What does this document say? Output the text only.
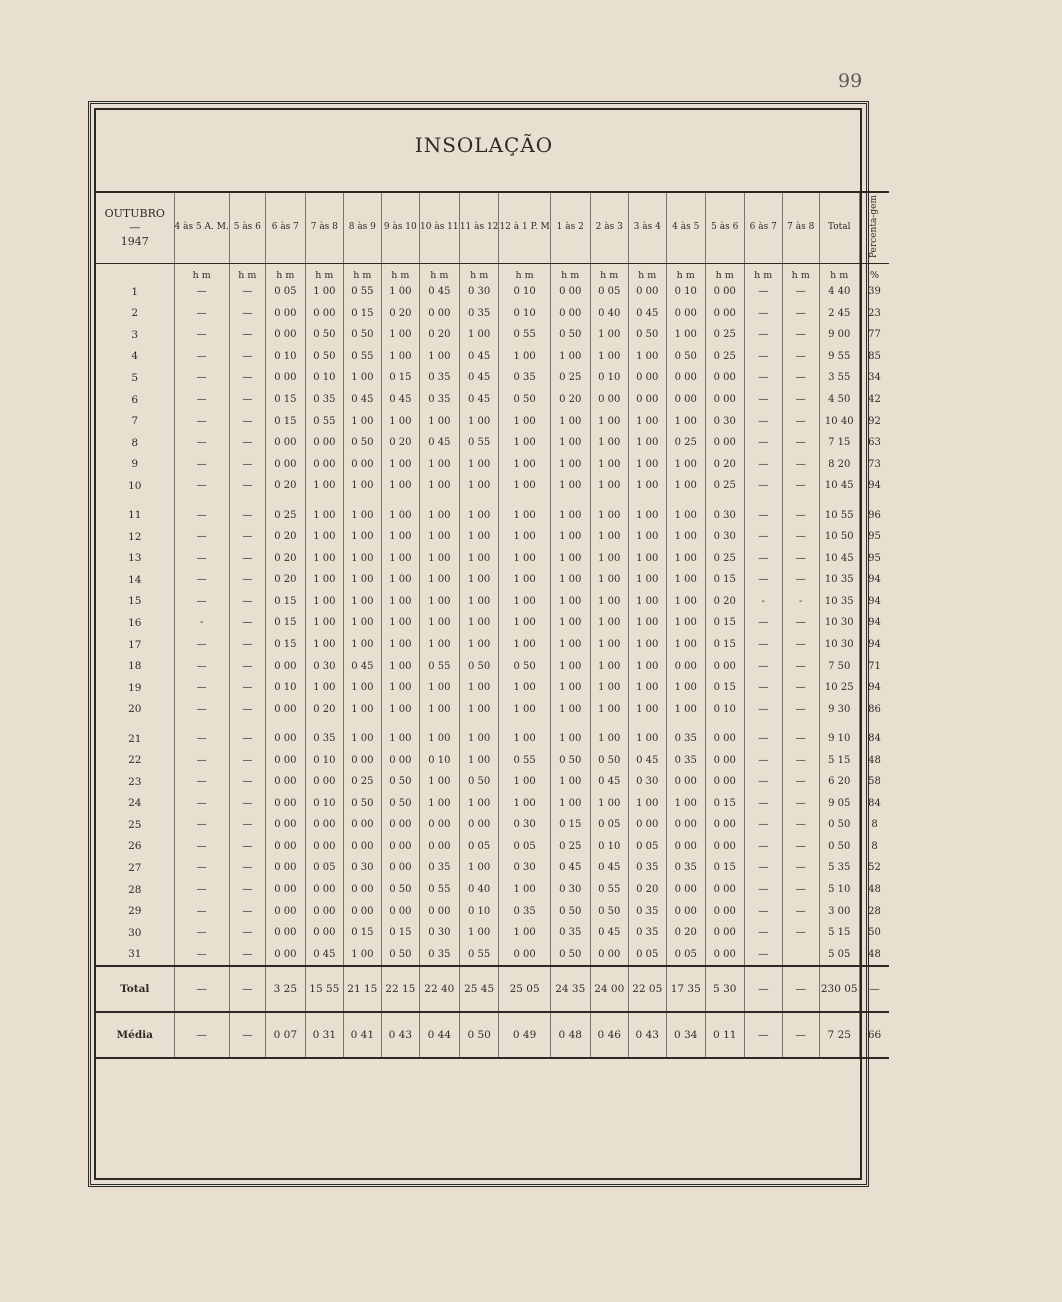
99
INSOLAÇÃO
OUTUBRO
—
1947	4 às 5 A. M.	5 às 6	6 às 7	7 às 8	8 às 9	9 às 10	10 às 11	11 às 12	12 à 1 P. M	1 às 2	2 às 3	3 às 4	4 às 5	5 às 6	6 às 7	7 às 8	Total	Percenta-gem
	h m	h m	h m	h m	h m	h m	h m	h m	h m	h m	h m	h m	h m	h m	h m	h m	h m	%
1	—	—	0 05	1 00	0 55	1 00	0 45	0 30	0 10	0 00	0 05	0 00	0 10	0 00	—	—	4 40	39
2	—	—	0 00	0 00	0 15	0 20	0 00	0 35	0 10	0 00	0 40	0 45	0 00	0 00	—	—	2 45	23
3	—	—	0 00	0 50	0 50	1 00	0 20	1 00	0 55	0 50	1 00	0 50	1 00	0 25	—	—	9 00	77
4	—	—	0 10	0 50	0 55	1 00	1 00	0 45	1 00	1 00	1 00	1 00	0 50	0 25	—	—	9 55	85
5	—	—	0 00	0 10	1 00	0 15	0 35	0 45	0 35	0 25	0 10	0 00	0 00	0 00	—	—	3 55	34
6	—	—	0 15	0 35	0 45	0 45	0 35	0 45	0 50	0 20	0 00	0 00	0 00	0 00	—	—	4 50	42
7	—	—	0 15	0 55	1 00	1 00	1 00	1 00	1 00	1 00	1 00	1 00	1 00	0 30	—	—	10 40	92
8	—	—	0 00	0 00	0 50	0 20	0 45	0 55	1 00	1 00	1 00	1 00	0 25	0 00	—	—	7 15	63
9	—	—	0 00	0 00	0 00	1 00	1 00	1 00	1 00	1 00	1 00	1 00	1 00	0 20	—	—	8 20	73
10	—	—	0 20	1 00	1 00	1 00	1 00	1 00	1 00	1 00	1 00	1 00	1 00	0 25	—	—	10 45	94

11	—	—	0 25	1 00	1 00	1 00	1 00	1 00	1 00	1 00	1 00	1 00	1 00	0 30	—	—	10 55	96
12	—	—	0 20	1 00	1 00	1 00	1 00	1 00	1 00	1 00	1 00	1 00	1 00	0 30	—	—	10 50	95
13	—	—	0 20	1 00	1 00	1 00	1 00	1 00	1 00	1 00	1 00	1 00	1 00	0 25	—	—	10 45	95
14	—	—	0 20	1 00	1 00	1 00	1 00	1 00	1 00	1 00	1 00	1 00	1 00	0 15	—	—	10 35	94
15	—	—	0 15	1 00	1 00	1 00	1 00	1 00	1 00	1 00	1 00	1 00	1 00	0 20	-	-	10 35	94
16	-	—	0 15	1 00	1 00	1 00	1 00	1 00	1 00	1 00	1 00	1 00	1 00	0 15	—	—	10 30	94
17	—	—	0 15	1 00	1 00	1 00	1 00	1 00	1 00	1 00	1 00	1 00	1 00	0 15	—	—	10 30	94
18	—	—	0 00	0 30	0 45	1 00	0 55	0 50	0 50	1 00	1 00	1 00	0 00	0 00	—	—	7 50	71
19	—	—	0 10	1 00	1 00	1 00	1 00	1 00	1 00	1 00	1 00	1 00	1 00	0 15	—	—	10 25	94
20	—	—	0 00	0 20	1 00	1 00	1 00	1 00	1 00	1 00	1 00	1 00	1 00	0 10	—	—	9 30	86

21	—	—	0 00	0 35	1 00	1 00	1 00	1 00	1 00	1 00	1 00	1 00	0 35	0 00	—	—	9 10	84
22	—	—	0 00	0 10	0 00	0 00	0 10	1 00	0 55	0 50	0 50	0 45	0 35	0 00	—	—	5 15	48
23	—	—	0 00	0 00	0 25	0 50	1 00	0 50	1 00	1 00	0 45	0 30	0 00	0 00	—	—	6 20	58
24	—	—	0 00	0 10	0 50	0 50	1 00	1 00	1 00	1 00	1 00	1 00	1 00	0 15	—	—	9 05	84
25	—	—	0 00	0 00	0 00	0 00	0 00	0 00	0 30	0 15	0 05	0 00	0 00	0 00	—	—	0 50	8
26	—	—	0 00	0 00	0 00	0 00	0 00	0 05	0 05	0 25	0 10	0 05	0 00	0 00	—	—	0 50	8
27	—	—	0 00	0 05	0 30	0 00	0 35	1 00	0 30	0 45	0 45	0 35	0 35	0 15	—	—	5 35	52
28	—	—	0 00	0 00	0 00	0 50	0 55	0 40	1 00	0 30	0 55	0 20	0 00	0 00	—	—	5 10	48
29	—	—	0 00	0 00	0 00	0 00	0 00	0 10	0 35	0 50	0 50	0 35	0 00	0 00	—	—	3 00	28
30	—	—	0 00	0 00	0 15	0 15	0 30	1 00	1 00	0 35	0 45	0 35	0 20	0 00	—	—	5 15	50
31	—	—	0 00	0 45	1 00	0 50	0 35	0 55	0 00	0 50	0 00	0 05	0 05	0 00	—		5 05	48
Total	—	—	3 25	15 55	21 15	22 15	22 40	25 45	25 05	24 35	24 00	22 05	17 35	5 30	—	—	230 05	—
Média	—	—	0 07	0 31	0 41	0 43	0 44	0 50	0 49	0 48	0 46	0 43	0 34	0 11	—	—	7 25	66
